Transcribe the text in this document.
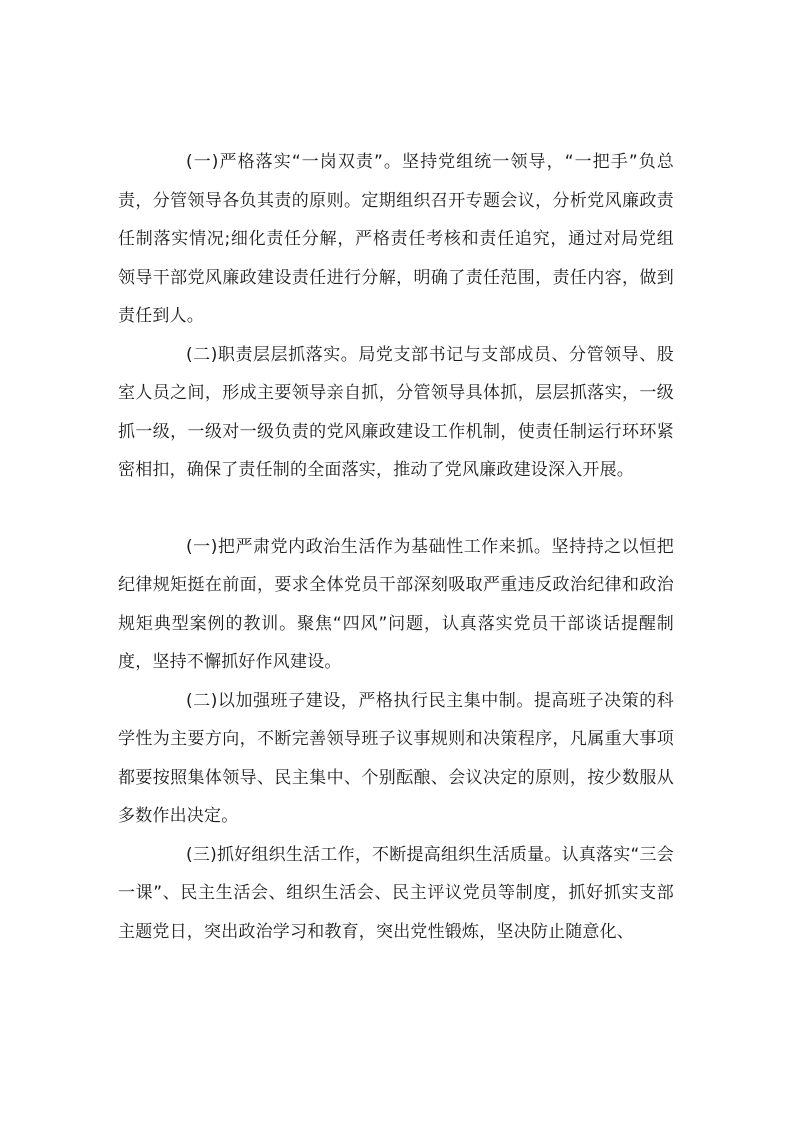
(一)严格落实“一岗双责”。坚持党组统一领导，“一把手”负总责，分管领导各负其责的原则。定期组织召开专题会议，分析党风廉政责任制落实情况;细化责任分解，严格责任考核和责任追究，通过对局党组领导干部党风廉政建设责任进行分解，明确了责任范围，责任内容，做到责任到人。

(二)职责层层抓落实。局党支部书记与支部成员、分管领导、股室人员之间，形成主要领导亲自抓，分管领导具体抓，层层抓落实，一级抓一级，一级对一级负责的党风廉政建设工作机制，使责任制运行环环紧密相扣，确保了责任制的全面落实，推动了党风廉政建设深入开展。

(一)把严肃党内政治生活作为基础性工作来抓。坚持持之以恒把纪律规矩挺在前面，要求全体党员干部深刻吸取严重违反政治纪律和政治规矩典型案例的教训。聚焦“四风”问题，认真落实党员干部谈话提醒制度，坚持不懈抓好作风建设。

(二)以加强班子建设，严格执行民主集中制。提高班子决策的科学性为主要方向，不断完善领导班子议事规则和决策程序，凡属重大事项都要按照集体领导、民主集中、个别酝酿、会议决定的原则，按少数服从多数作出决定。

(三)抓好组织生活工作，不断提高组织生活质量。认真落实“三会一课”、民主生活会、组织生活会、民主评议党员等制度，抓好抓实支部主题党日，突出政治学习和教育，突出党性锻炼，坚决防止随意化、
